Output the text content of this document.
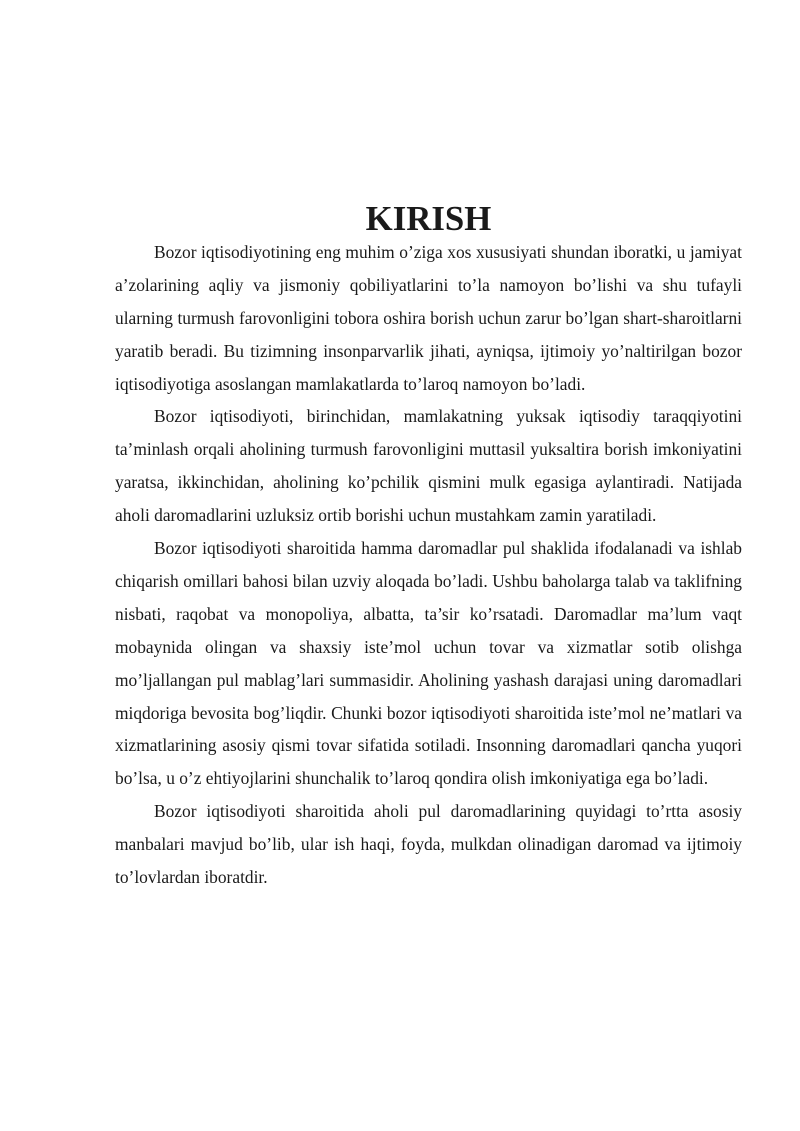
KIRISH

Bozor iqtisodiyotining eng muhim o’ziga xos xususiyati shundan iboratki, u jamiyat a’zolarining aqliy va jismoniy qobiliyatlarini to’la namoyon bo’lishi va shu tufayli ularning turmush farovonligini tobora oshira borish uchun zarur bo’lgan shart-sharoitlarni yaratib beradi. Bu tizimning insonparvarlik jihati, ayniqsa, ijtimoiy yo’naltirilgan bozor iqtisodiyotiga asoslangan mamlakatlarda to’laroq namoyon bo’ladi.

Bozor iqtisodiyoti, birinchidan, mamlakatning yuksak iqtisodiy taraqqiyotini ta’minlash orqali aholining turmush farovonligini muttasil yuksaltira borish imkoniyatini yaratsa, ikkinchidan, aholining ko’pchilik qismini mulk egasiga aylantiradi. Natijada aholi daromadlarini uzluksiz ortib borishi uchun mustahkam zamin yaratiladi.

Bozor iqtisodiyoti sharoitida hamma daromadlar pul shaklida ifodalanadi va ishlab chiqarish omillari bahosi bilan uzviy aloqada bo’ladi. Ushbu baholarga talab va taklifning nisbati, raqobat va monopoliya, albatta, ta’sir ko’rsatadi. Daromadlar ma’lum vaqt mobaynida olingan va shaxsiy iste’mol uchun tovar va xizmatlar sotib olishga mo’ljallangan pul mablag’lari summasidir. Aholining yashash darajasi uning daromadlari miqdoriga bevosita bog’liqdir. Chunki bozor iqtisodiyoti sharoitida iste’mol ne’matlari va xizmatlarining asosiy qismi tovar sifatida sotiladi. Insonning daromadlari qancha yuqori bo’lsa, u o’z ehtiyojlarini shunchalik to’laroq qondira olish imkoniyatiga ega bo’ladi.

Bozor iqtisodiyoti sharoitida aholi pul daromadlarining quyidagi to’rtta asosiy manbalari mavjud bo’lib, ular ish haqi, foyda, mulkdan olinadigan daromad va ijtimoiy to’lovlardan iboratdir.
